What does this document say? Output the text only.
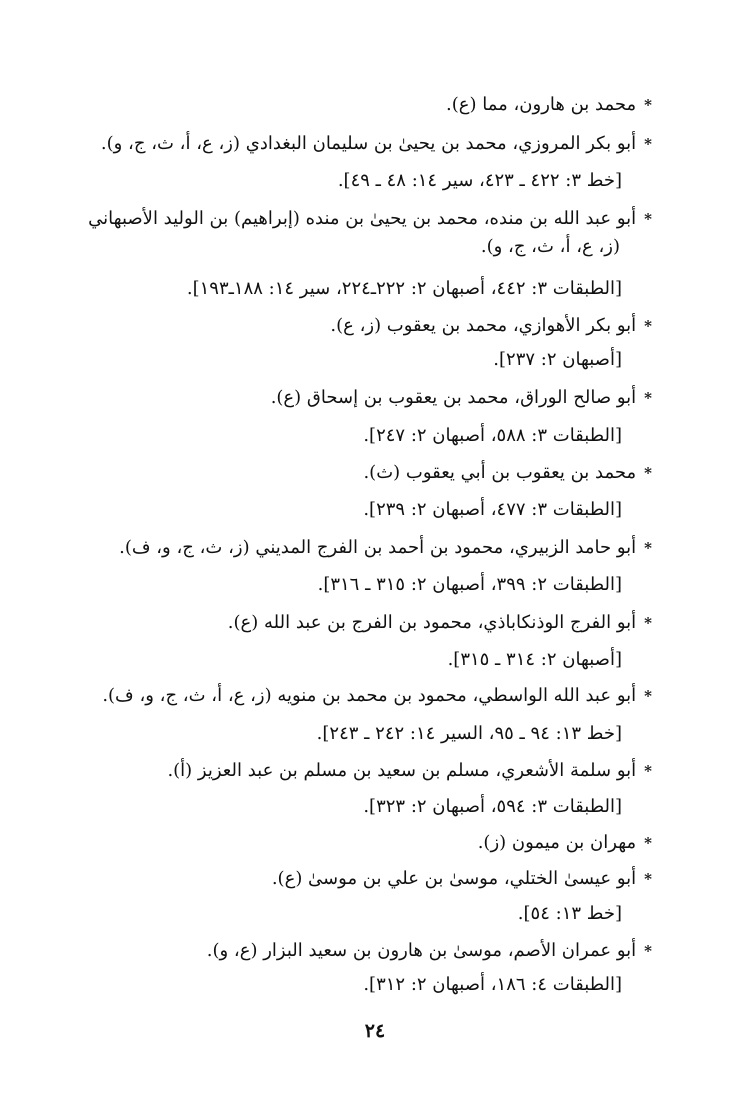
*محمد بن هارون، مما (ع).
*أبو بكر المروزي، محمد بن يحيىٰ بن سليمان البغدادي (ز، ع، أ، ث، ج، و).
[خط ٣: ٤٢٢ ـ ٤٢٣، سير ١٤: ٤٨ ـ ٤٩].
*أبو عبد الله بن منده، محمد بن يحيىٰ بن منده (إبراهيم) بن الوليد الأصبهاني
(ز، ع، أ، ث، ج، و).
[الطبقات ٣: ٤٤٢، أصبهان ٢: ٢٢٢ـ٢٢٤، سير ١٤: ١٨٨ـ١٩٣].
*أبو بكر الأهوازي، محمد بن يعقوب (ز، ع).
[أصبهان ٢: ٢٣٧].
*أبو صالح الوراق، محمد بن يعقوب بن إسحاق (ع).
[الطبقات ٣: ٥٨٨، أصبهان ٢: ٢٤٧].
*محمد بن يعقوب بن أبي يعقوب (ث).
[الطبقات ٣: ٤٧٧، أصبهان ٢: ٢٣٩].
*أبو حامد الزبيري، محمود بن أحمد بن الفرج المديني (ز، ث، ج، و، ف).
[الطبقات ٢: ٣٩٩، أصبهان ٢: ٣١٥ ـ ٣١٦].
*أبو الفرج الوذنكاباذي، محمود بن الفرج بن عبد الله (ع).
[أصبهان ٢: ٣١٤ ـ ٣١٥].
*أبو عبد الله الواسطي، محمود بن محمد بن منويه (ز، ع، أ، ث، ج، و، ف).
[خط ١٣: ٩٤ ـ ٩٥، السير ١٤: ٢٤٢ ـ ٢٤٣].
*أبو سلمة الأشعري، مسلم بن سعيد بن مسلم بن عبد العزيز (أ).
[الطبقات ٣: ٥٩٤، أصبهان ٢: ٣٢٣].
*مهران بن ميمون (ز).
*أبو عيسىٰ الختلي، موسىٰ بن علي بن موسىٰ (ع).
[خط ١٣: ٥٤].
*أبو عمران الأصم، موسىٰ بن هارون بن سعيد البزار (ع، و).
[الطبقات ٤: ١٨٦، أصبهان ٢: ٣١٢].
٢٤
